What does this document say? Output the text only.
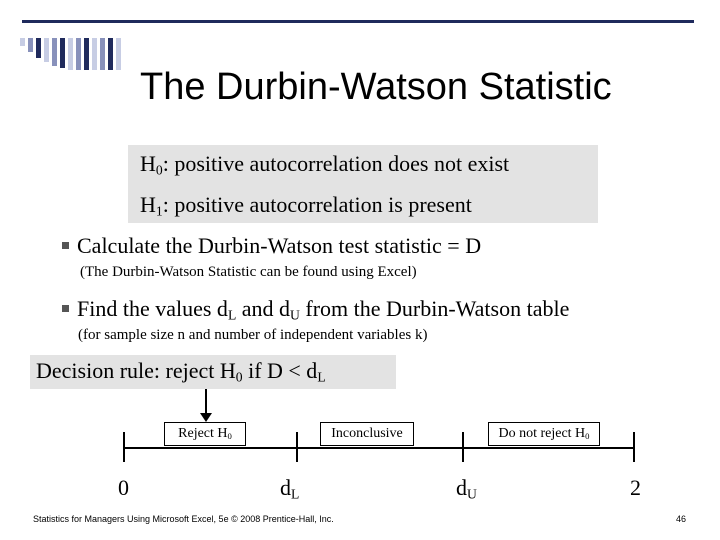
The Durbin-Watson Statistic
$H_0$: positive autocorrelation does not exist
$H_1$: positive autocorrelation is present
Calculate the Durbin-Watson test statistic = D
(The Durbin-Watson Statistic can be found using Excel)
Find the values $d_L$ and $d_U$ from the Durbin-Watson table
(for sample size n and number of independent variables k)
Decision rule: reject $H_0$ if $D < d_L$
Reject $H_0$	Inconclusive	Do not reject $H_0$
0	$d_L$	$d_U$	2
Statistics for Managers Using Microsoft Excel, 5e © 2008 Prentice-Hall, Inc.	46
